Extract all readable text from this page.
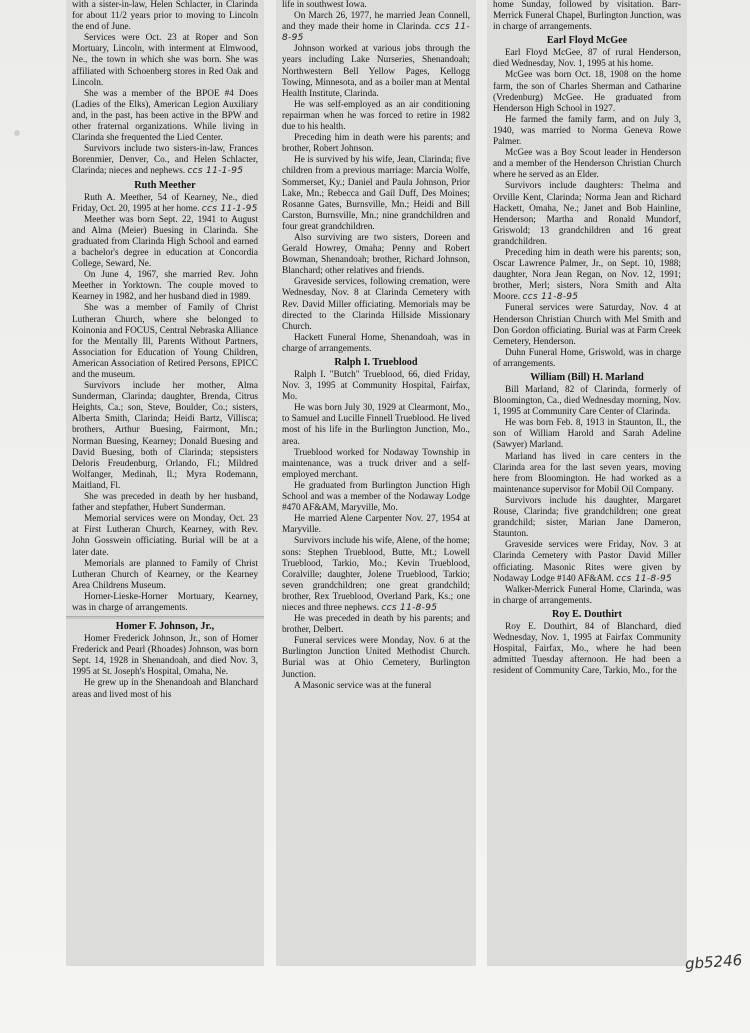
with a sister-in-law, Helen Schlacter, in Clarinda for about 11/2 years prior to moving to Lincoln the end of June.

Services were Oct. 23 at Roper and Son Mortuary, Lincoln, with interment at Elmwood, Ne., the town in which she was born. She was affiliated with Schoenberg stores in Red Oak and Lincoln.

She was a member of the BPOE #4 Does (Ladies of the Elks), American Legion Auxiliary and, in the past, has been active in the BPW and other fraternal organizations. While living in Clarinda she frequented the Lied Center.

Survivors include two sisters-in-law, Frances Borenmier, Denver, Co., and Helen Schlacter, Clarinda; nieces and nephews. ccs 11-1-95

Ruth Meether

Ruth A. Meether, 54 of Kearney, Ne., died Friday, Oct. 20, 1995 at her home. ccs 11-1-95

Meether was born Sept. 22, 1941 to August and Alma (Meier) Buesing in Clarinda. She graduated from Clarinda High School and earned a bachelor's degree in education at Concordia College, Seward, Ne.

On June 4, 1967, she married Rev. John Meether in Yorktown. The couple moved to Kearney in 1982, and her husband died in 1989.

She was a member of Family of Christ Lutheran Church, where she belonged to Koinonia and FOCUS, Central Nebraska Alliance for the Mentally Ill, Parents Without Partners, Association for Education of Young Children, American Association of Retired Persons, EPICC and the museum.

Survivors include her mother, Alma Sunderman, Clarinda; daughter, Brenda, Citrus Heights, Ca.; son, Steve, Boulder, Co.; sisters, Alberta Smith, Clarinda; Heidi Bartz, Villisca; brothers, Arthur Buesing, Fairmont, Mn.; Norman Buesing, Kearney; Donald Buesing and David Buesing, both of Clarinda; stepsisters Deloris Freudenburg, Orlando, Fl.; Mildred Wolfanger, Medinah, Il.; Myra Rodemann, Maitland, Fl.

She was preceded in death by her husband, father and stepfather, Hubert Sunderman.

Memorial services were on Monday, Oct. 23 at First Lutheran Church, Kearney, with Rev. John Gosswein officiating. Burial will be at a later date.

Memorials are planned to Family of Christ Lutheran Church of Kearney, or the Kearney Area Childrens Museum.

Horner-Lieske-Horner Mortuary, Kearney, was in charge of arrangements.

Homer F. Johnson, Jr.,

Homer Frederick Johnson, Jr., son of Homer Frederick and Pearl (Rhoades) Johnson, was born Sept. 14, 1928 in Shenandoah, and died Nov. 3, 1995 at St. Joseph's Hospital, Omaha, Ne.

He grew up in the Shenandoah and Blanchard areas and lived most of his

life in southwest Iowa.

On March 26, 1977, he married Jean Connell, and they made their home in Clarinda. ccs 11-8-95

Johnson worked at various jobs through the years including Lake Nurseries, Shenandoah; Northwestern Bell Yellow Pages, Kellogg Towing, Minnesota, and as a boiler man at Mental Health Institute, Clarinda.

He was self-employed as an air conditioning repairman when he was forced to retire in 1982 due to his health.

Preceding him in death were his parents; and brother, Robert Johnson.

He is survived by his wife, Jean, Clarinda; five children from a previous marriage: Marcia Wolfe, Sommerset, Ky.; Daniel and Paula Johnson, Prior Lake, Mn.; Rebecca and Gail Duff, Des Moines; Rosanne Gates, Burnsville, Mn.; Heidi and Bill Carston, Burnsville, Mn.; nine grandchildren and four great grandchildren.

Also surviving are two sisters, Doreen and Gerald Howrey, Omaha; Penny and Robert Bowman, Shenandoah; brother, Richard Johnson, Blanchard; other relatives and friends.

Graveside services, following cremation, were Wednesday, Nov. 8 at Clarinda Cemetery with Rev. David Miller officiating. Memorials may be directed to the Clarinda Hillside Missionary Church.

Hackett Funeral Home, Shenandoah, was in charge of arrangements.

Ralph I. Trueblood

Ralph I. "Butch" Trueblood, 66, died Friday, Nov. 3, 1995 at Community Hospital, Fairfax, Mo.

He was born July 30, 1929 at Clearmont, Mo., to Samuel and Lucille Finnell Trueblood. He lived most of his life in the Burlington Junction, Mo., area.

Trueblood worked for Nodaway Township in maintenance, was a truck driver and a self-employed merchant.

He graduated from Burlington Junction High School and was a member of the Nodaway Lodge #470 AF&AM, Maryville, Mo.

He married Alene Carpenter Nov. 27, 1954 at Maryville.

Survivors include his wife, Alene, of the home; sons: Stephen Trueblood, Butte, Mt.; Lowell Trueblood, Tarkio, Mo.; Kevin Trueblood, Coralville; daughter, Jolene Trueblood, Tarkio; seven grandchildren; one great grandchild; brother, Rex Trueblood, Overland Park, Ks.; one nieces and three nephews. ccs 11-8-95

He was preceded in death by his parents; and brother, Delbert.

Funeral services were Monday, Nov. 6 at the Burlington Junction United Methodist Church. Burial was at Ohio Cemetery, Burlington Junction.

A Masonic service was at the funeral

home Sunday, followed by visitation. Barr-Merrick Funeral Chapel, Burlington Junction, was in charge of arrangements.

Earl Floyd McGee

Earl Floyd McGee, 87 of rural Henderson, died Wednesday, Nov. 1, 1995 at his home.

McGee was born Oct. 18, 1908 on the home farm, the son of Charles Sherman and Catharine (Vredenburg) McGee. He graduated from Henderson High School in 1927.

He farmed the family farm, and on July 3, 1940, was married to Norma Geneva Rowe Palmer.

McGee was a Boy Scout leader in Henderson and a member of the Henderson Christian Church where he served as an Elder.

Survivors include daughters: Thelma and Orville Kent, Clarinda; Norma Jean and Richard Hackett, Omaha, Ne.; Janet and Bob Hainline, Henderson; Martha and Ronald Mundorf, Griswold; 13 grandchildren and 16 great grandchildren.

Preceding him in death were his parents; son, Oscar Lawrence Palmer, Jr., on Sept. 10, 1988; daughter, Nora Jean Regan, on Nov. 12, 1991; brother, Merl; sisters, Nora Smith and Alta Moore. ccs 11-8-95

Funeral services were Saturday, Nov. 4 at Henderson Christian Church with Mel Smith and Don Gordon officiating. Burial was at Farm Creek Cemetery, Henderson.

Duhn Funeral Home, Griswold, was in charge of arrangements.

William (Bill) H. Marland

Bill Marland, 82 of Clarinda, formerly of Bloomington, Ca., died Wednesday morning, Nov. 1, 1995 at Community Care Center of Clarinda.

He was born Feb. 8, 1913 in Staunton, Il., the son of William Harold and Sarah Adeline (Sawyer) Marland.

Marland has lived in care centers in the Clarinda area for the last seven years, moving here from Bloomington. He had worked as a maintenance supervisor for Mobil Oil Company.

Survivors include his daughter, Margaret Rouse, Clarinda; five grandchildren; one great grandchild; sister, Marian Jane Dameron, Staunton.

Graveside services were Friday, Nov. 3 at Clarinda Cemetery with Pastor David Miller officiating. Masonic Rites were given by Nodaway Lodge #140 AF&AM. ccs 11-8-95

Walker-Merrick Funeral Home, Clarinda, was in charge of arrangements.

Roy E. Douthirt

Roy E. Douthirt, 84 of Blanchard, died Wednesday, Nov. 1, 1995 at Fairfax Community Hospital, Fairfax, Mo., where he had been admitted Tuesday afternoon. He had been a resident of Community Care, Tarkio, Mo., for the

gb5246
